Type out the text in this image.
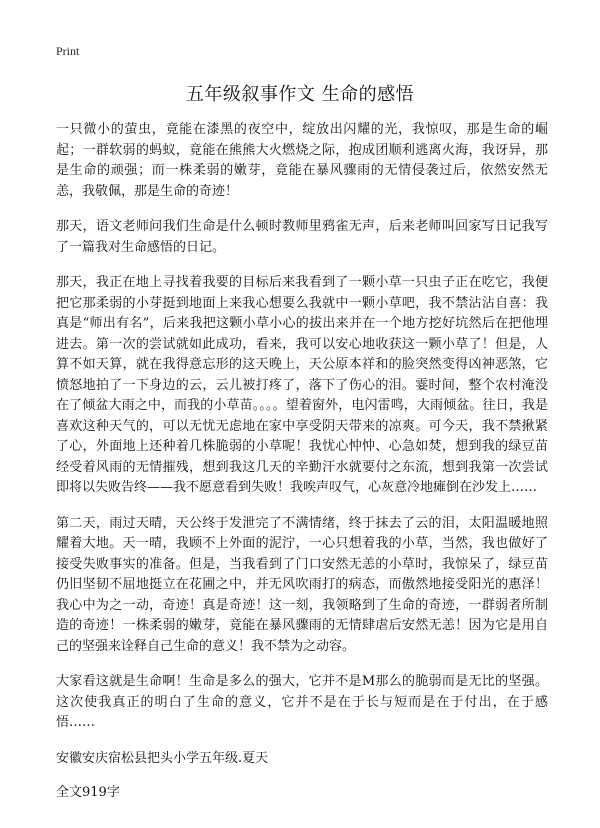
Print
五年级叙事作文 生命的感悟

一只微小的萤虫，竟能在漆黑的夜空中，绽放出闪耀的光，我惊叹，那是生命的崛起；一群软弱的蚂蚁，竟能在熊熊大火燃烧之际，抱成团顺利逃离火海，我讶异，那是生命的顽强；而一株柔弱的嫩芽，竟能在暴风骤雨的无情侵袭过后，依然安然无恙，我敬佩，那是生命的奇迹！

那天，语文老师问我们生命是什么顿时教师里鸦雀无声，后来老师叫回家写日记我写了一篇我对生命感悟的日记。

那天，我正在地上寻找着我要的目标后来我看到了一颗小草一只虫子正在吃它，我便把它那柔弱的小芽挺到地面上来我心想要么我就中一颗小草吧，我不禁沾沾自喜：我真是“师出有名”，后来我把这颗小草小心的拔出来并在一个地方挖好坑然后在把他埋进去。第一次的尝试就如此成功，看来，我可以安心地收获这一颗小草了！但是，人算不如天算，就在我得意忘形的这天晚上，天公原本祥和的脸突然变得凶神恶煞，它愤怒地拍了一下身边的云，云儿被打疼了，落下了伤心的泪。霎时间，整个农村淹没在了倾盆大雨之中，而我的小草苗。。。。望着窗外，电闪雷鸣，大雨倾盆。往日，我是喜欢这种天气的，可以无忧无虑地在家中享受阴天带来的凉爽。可今天，我不禁揪紧了心，外面地上还种着几株脆弱的小草呢！我忧心忡忡、心急如焚，想到我的绿豆苗经受着风雨的无情摧残，想到我这几天的辛勤汗水就要付之东流，想到我第一次尝试即将以失败告终——我不愿意看到失败！我唉声叹气，心灰意冷地瘫倒在沙发上……

第二天，雨过天晴，天公终于发泄完了不满情绪，终于抹去了云的泪，太阳温暖地照耀着大地。天一晴，我顾不上外面的泥泞，一心只想着我的小草，当然，我也做好了接受失败事实的准备。但是，当我看到了门口安然无恙的小草时，我惊呆了，绿豆苗仍旧坚韧不屈地挺立在花圃之中，并无风吹雨打的病态，而傲然地接受阳光的惠泽！我心中为之一动，奇迹！真是奇迹！这一刻，我领略到了生命的奇迹，一群弱者所制造的奇迹！一株柔弱的嫩芽，竟能在暴风骤雨的无情肆虐后安然无恙！因为它是用自己的坚强来诠释自己生命的意义！我不禁为之动容。

大家看这就是生命啊！生命是多么的强大，它并不是M那么的脆弱而是无比的坚强。这次使我真正的明白了生命的意义，它并不是在于长与短而是在于付出，在于感悟……

安徽安庆宿松县把头小学五年级.夏天

全文919字
